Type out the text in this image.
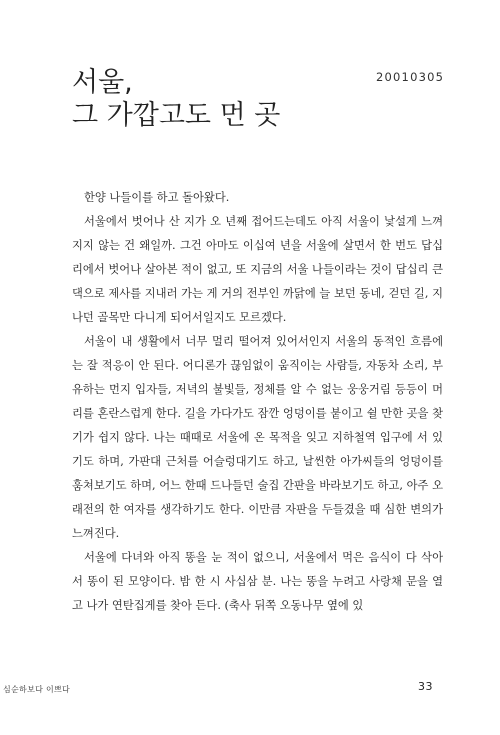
서울,
그 가깝고도 먼 곳
20010305

한양 나들이를 하고 돌아왔다.

서울에서 벗어나 산 지가 오 년째 접어드는데도 아직 서울이 낯설게 느껴지지 않는 건 왜일까. 그건 아마도 이십여 년을 서울에 살면서 한 번도 답십리에서 벗어나 살아본 적이 없고, 또 지금의 서울 나들이라는 것이 답십리 큰댁으로 제사를 지내러 가는 게 거의 전부인 까닭에 늘 보던 동네, 걷던 길, 지나던 골목만 다니게 되어서일지도 모르겠다.

서울이 내 생활에서 너무 멀리 떨어져 있어서인지 서울의 동적인 흐름에는 잘 적응이 안 된다. 어디론가 끊임없이 움직이는 사람들, 자동차 소리, 부유하는 먼지 입자들, 저녁의 불빛들, 정체를 알 수 없는 웅웅거림 등등이 머리를 혼란스럽게 한다. 길을 가다가도 잠깐 엉덩이를 붙이고 쉴 만한 곳을 찾기가 쉽지 않다. 나는 때때로 서울에 온 목적을 잊고 지하철역 입구에 서 있기도 하며, 가판대 근처를 어슬렁대기도 하고, 날씬한 아가씨들의 엉덩이를 훔쳐보기도 하며, 어느 한때 드나들던 술집 간판을 바라보기도 하고, 아주 오래전의 한 여자를 생각하기도 한다. 이만큼 자판을 두들겼을 때 심한 변의가 느껴진다.

서울에 다녀와 아직 똥을 눈 적이 없으니, 서울에서 먹은 음식이 다 삭아서 똥이 된 모양이다. 밤 한 시 사십삼 분. 나는 똥을 누려고 사랑채 문을 열고 나가 연탄집게를 찾아 든다. (축사 뒤쪽 오동나무 옆에 있

심순하보다 이쁘다	33
